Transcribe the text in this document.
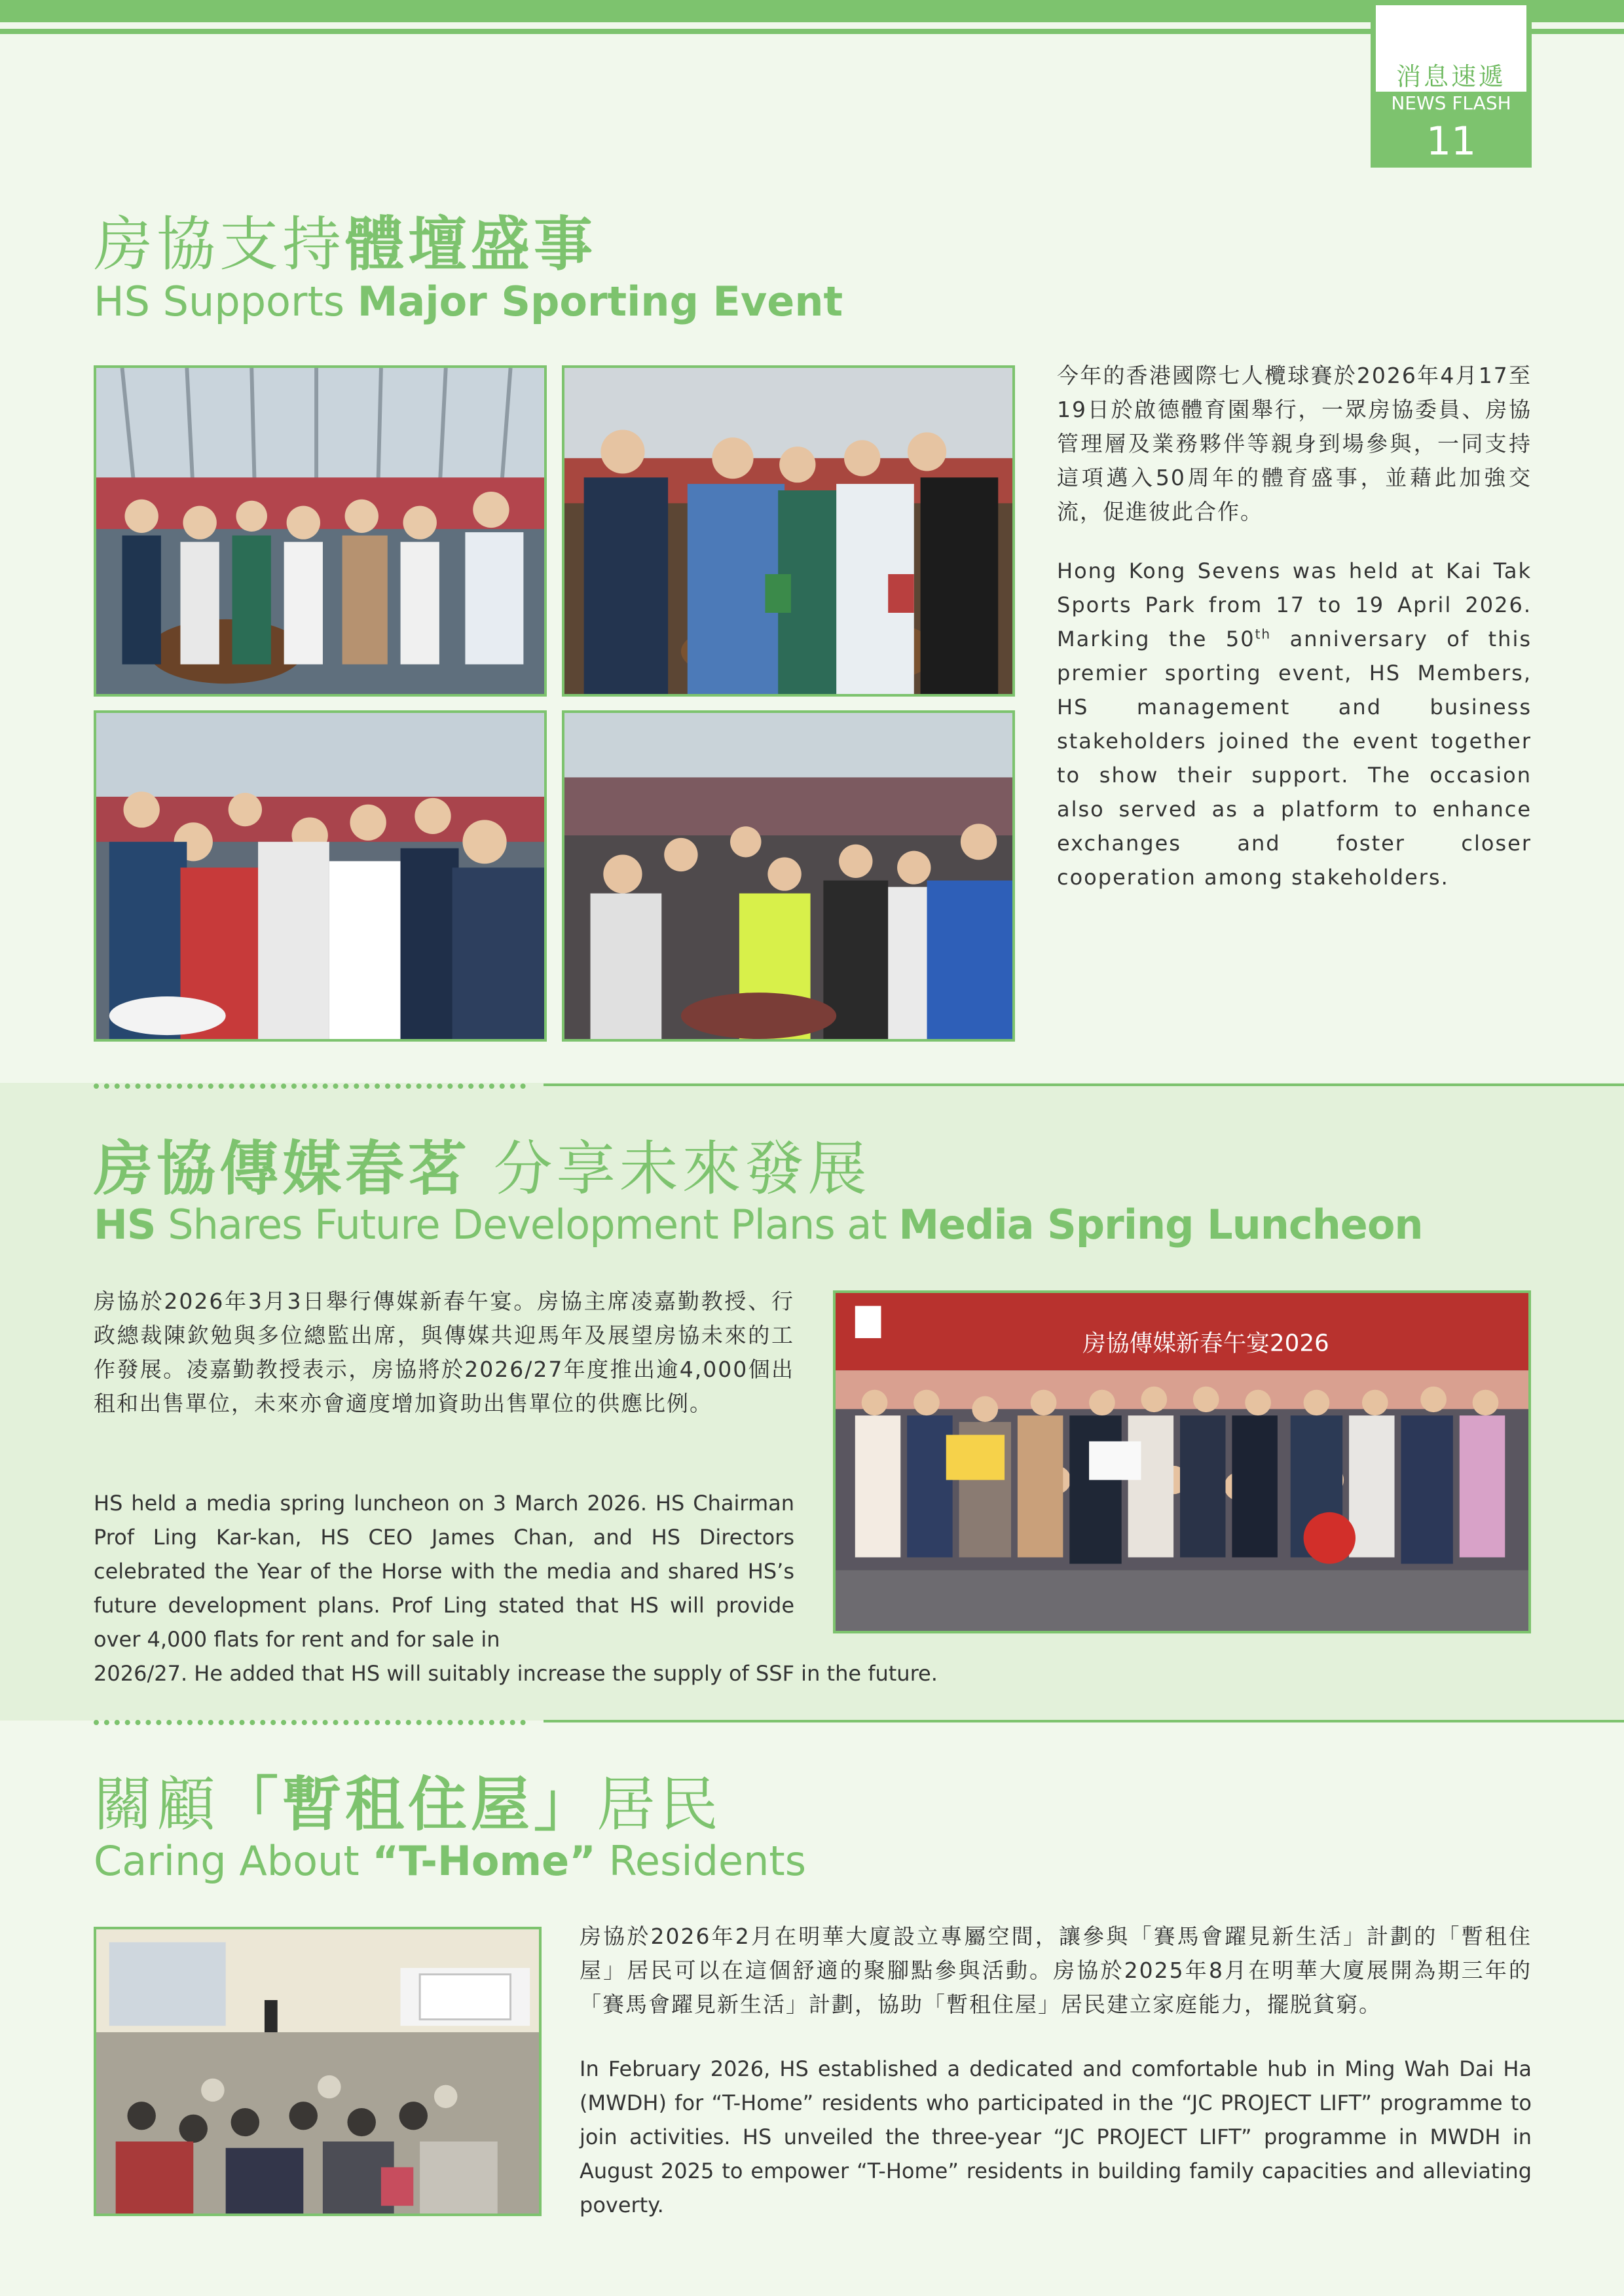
消息速遞
NEWS FLASH
11
房協支持體壇盛事
HS Supports Major Sporting Event

今年的香港國際七人欖球賽於2026年4月17至19日於啟德體育園舉行，一眾房協委員、房協管理層及業務夥伴等親身到場參與，一同支持這項邁入50周年的體育盛事，並藉此加強交流，促進彼此合作。

Hong Kong Sevens was held at Kai Tak Sports Park from 17 to 19 April 2026. Marking the 50th anniversary of this premier sporting event, HS Members, HS management and business stakeholders joined the event together to show their support. The occasion also served as a platform to enhance exchanges and foster closer cooperation among stakeholders.

房協傳媒春茗 分享未來發展
HS Shares Future Development Plans at Media Spring Luncheon

房協於2026年3月3日舉行傳媒新春午宴。房協主席凌嘉勤教授、行政總裁陳欽勉與多位總監出席，與傳媒共迎馬年及展望房協未來的工作發展。凌嘉勤教授表示，房協將於2026/27年度推出逾4,000個出租和出售單位，未來亦會適度增加資助出售單位的供應比例。

HS held a media spring luncheon on 3 March 2026. HS Chairman Prof Ling Kar-kan, HS CEO James Chan, and HS Directors celebrated the Year of the Horse with the media and shared HS’s future development plans. Prof Ling stated that HS will provide over 4,000 flats for rent and for sale in

2026/27. He added that HS will suitably increase the supply of SSF in the future.

房協傳媒新春午宴2026
關顧「暫租住屋」居民
Caring About “T-Home” Residents

房協於2026年2月在明華大廈設立專屬空間，讓參與「賽馬會躍見新生活」計劃的「暫租住屋」居民可以在這個舒適的聚腳點參與活動。房協於2025年8月在明華大廈展開為期三年的「賽馬會躍見新生活」計劃，協助「暫租住屋」居民建立家庭能力，擺脱貧窮。

In February 2026, HS established a dedicated and comfortable hub in Ming Wah Dai Ha (MWDH) for “T-Home” residents who participated in the “JC PROJECT LIFT” programme to join activities. HS unveiled the three-year “JC PROJECT LIFT” programme in MWDH in August 2025 to empower “T-Home” residents in building family capacities and alleviating poverty.
